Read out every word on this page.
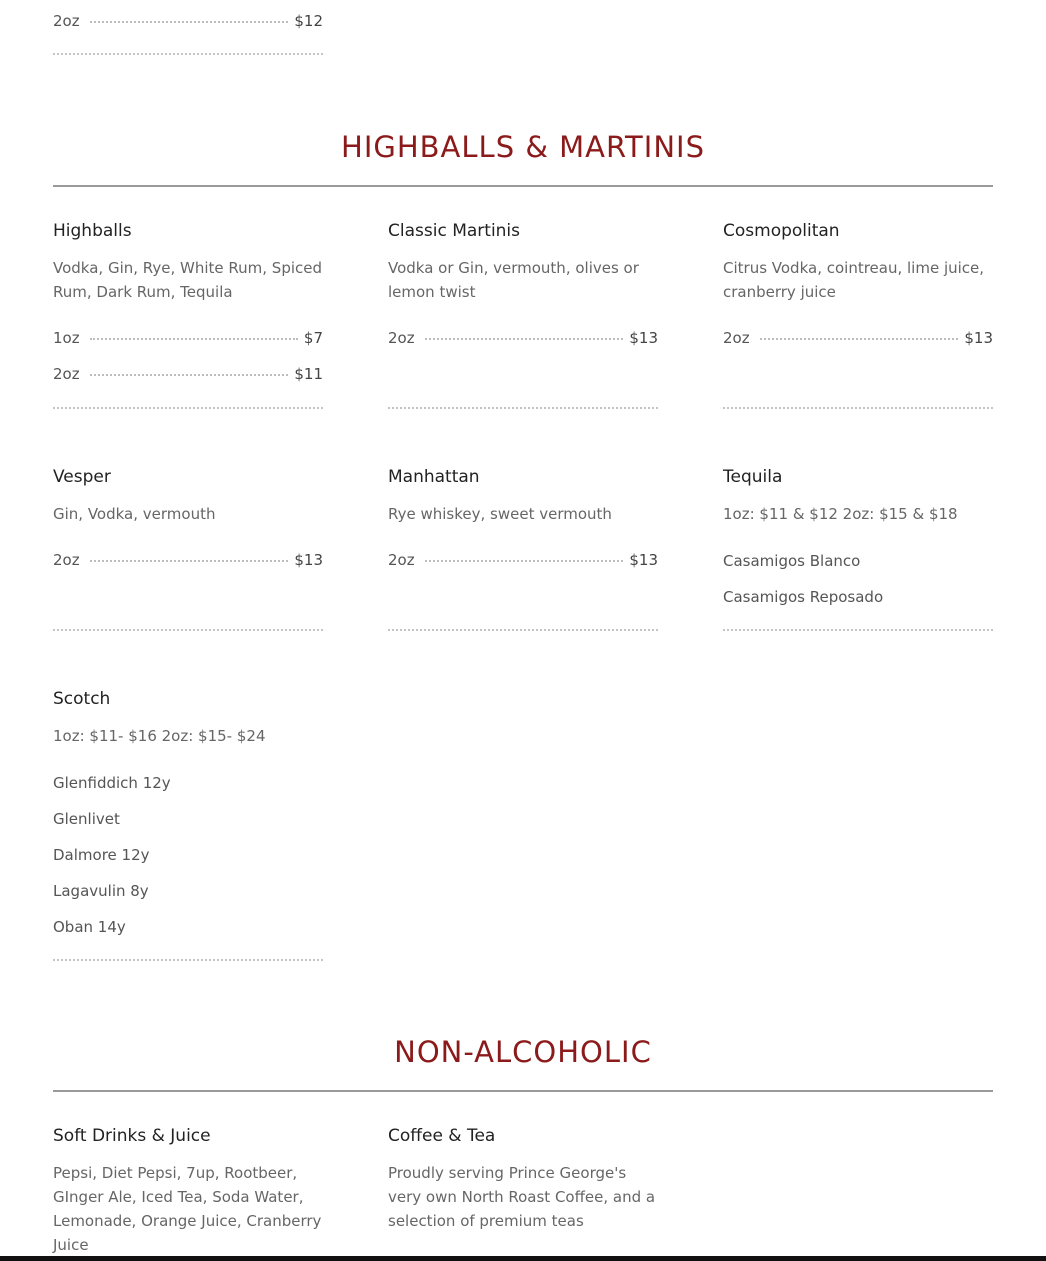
2oz	$12
HIGHBALLS & MARTINIS
Highballs

Vodka, Gin, Rye, White Rum, Spiced Rum, Dark Rum, Tequila

1oz	$7
2oz	$11
Classic Martinis

Vodka or Gin, vermouth, olives or lemon twist

2oz	$13
Cosmopolitan

Citrus Vodka, cointreau, lime juice, cranberry juice

2oz	$13
Vesper

Gin, Vodka, vermouth

2oz	$13
Manhattan

Rye whiskey, sweet vermouth

2oz	$13
Tequila

1oz: $11 & $12 2oz: $15 & $18

Casamigos Blanco
Casamigos Reposado
Scotch

1oz: $11- $16 2oz: $15- $24

Glenfiddich 12y
Glenlivet
Dalmore 12y
Lagavulin 8y
Oban 14y
NON-ALCOHOLIC
Soft Drinks & Juice

Pepsi, Diet Pepsi, 7up, Rootbeer, GInger Ale, Iced Tea, Soda Water, Lemonade, Orange Juice, Cranberry Juice

Coffee & Tea

Proudly serving Prince George's very own North Roast Coffee, and a selection of premium teas
